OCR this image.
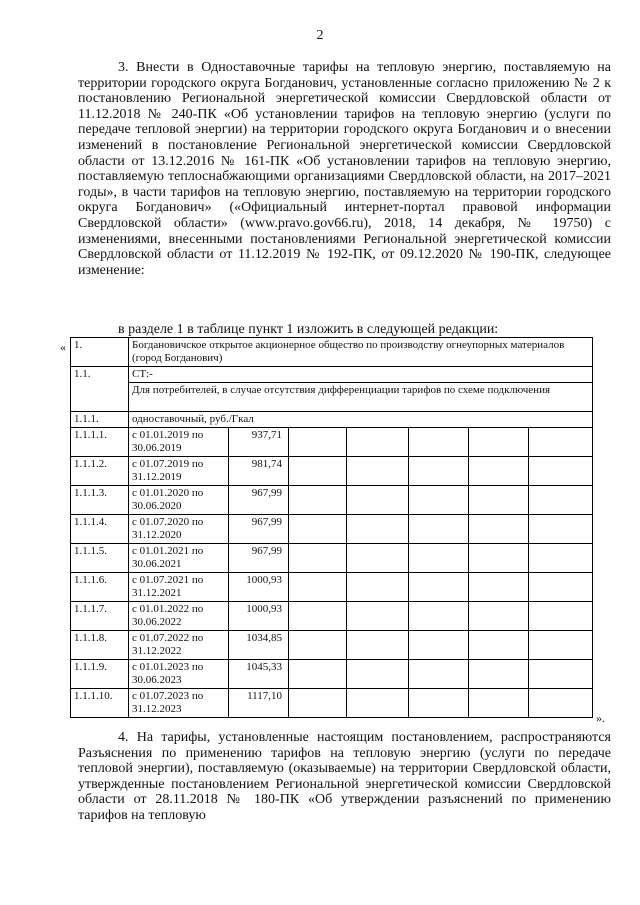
2

3. Внести в Одноставочные тарифы на тепловую энергию, поставляемую на территории городского округа Богданович, установленные согласно приложению № 2 к постановлению Региональной энергетической комиссии Свердловской области от 11.12.2018 № 240-ПК «Об установлении тарифов на тепловую энергию (услуги по передаче тепловой энергии) на территории городского округа Богданович и о внесении изменений в постановление Региональной энергетической комиссии Свердловской области от 13.12.2016 № 161-ПК «Об установлении тарифов на тепловую энергию, поставляемую теплоснабжающими организациями Свердловской области, на 2017–2021 годы», в части тарифов на тепловую энергию, поставляемую на территории городского округа Богданович» («Официальный интернет-портал правовой информации Свердловской области» (www.pravo.gov66.ru), 2018, 14 декабря, № 19750) с изменениями, внесенными постановлениями Региональной энергетической комиссии Свердловской области от 11.12.2019 № 192-ПК, от 09.12.2020 № 190-ПК, следующее изменение:

в разделе 1 в таблице пункт 1 изложить в следующей редакции:
« 1.	Богдановичское открытое акционерное общество по производству огнеупорных материалов (город Богданович)						
1.1.	СТ:-						
	Для потребителей, в случае отсутствия дифференциации тарифов по схеме подключения						
1.1.1.	одноставочный, руб./Гкал						
1.1.1.1.	с 01.01.2019 по 30.06.2019	937,71					
1.1.1.2.	с 01.07.2019 по 31.12.2019	981,74					
1.1.1.3.	с 01.01.2020 по 30.06.2020	967,99					
1.1.1.4.	с 01.07.2020 по 31.12.2020	967,99					
1.1.1.5.	с 01.01.2021 по 30.06.2021	967,99					
1.1.1.6.	с 01.07.2021 по 31.12.2021	1000,93					
1.1.1.7.	с 01.01.2022 по 30.06.2022	1000,93					
1.1.1.8.	с 01.07.2022 по 31.12.2022	1034,85					
1.1.1.9.	с 01.01.2023 по 30.06.2023	1045,33					
1.1.1.10.	с 01.07.2023 по 31.12.2023	1117,10					
».

4. На тарифы, установленные настоящим постановлением, распространяются Разъяснения по применению тарифов на тепловую энергию (услуги по передаче тепловой энергии), поставляемую (оказываемые) на территории Свердловской области, утвержденные постановлением Региональной энергетической комиссии Свердловской области от 28.11.2018 № 180-ПК «Об утверждении разъяснений по применению тарифов на тепловую
